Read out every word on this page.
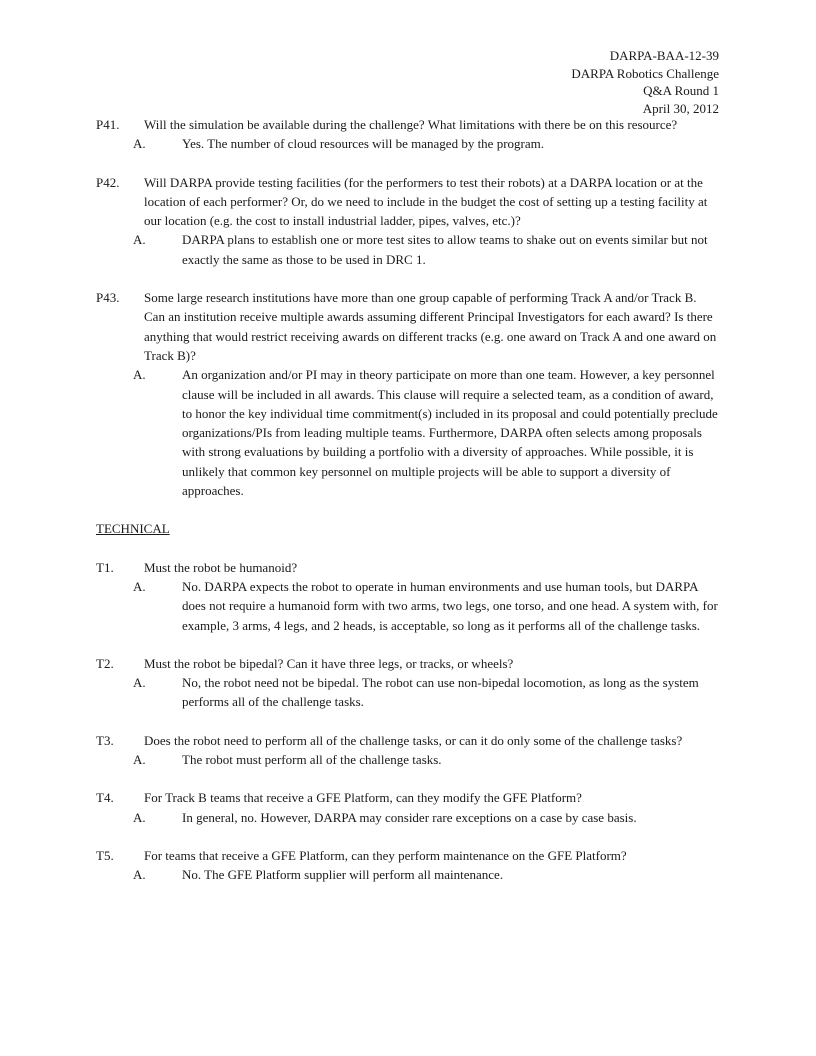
DARPA-BAA-12-39
DARPA Robotics Challenge
Q&A Round 1
April 30, 2012
P41. Will the simulation be available during the challenge? What limitations with there be on this resource?
A.	Yes. The number of cloud resources will be managed by the program.
P42. Will DARPA provide testing facilities (for the performers to test their robots) at a DARPA location or at the location of each performer? Or, do we need to include in the budget the cost of setting up a testing facility at our location (e.g. the cost to install industrial ladder, pipes, valves, etc.)?
A.	DARPA plans to establish one or more test sites to allow teams to shake out on events similar but not exactly the same as those to be used in DRC 1.
P43. Some large research institutions have more than one group capable of performing Track A and/or Track B. Can an institution receive multiple awards assuming different Principal Investigators for each award? Is there anything that would restrict receiving awards on different tracks (e.g. one award on Track A and one award on Track B)?
A.	An organization and/or PI may in theory participate on more than one team. However, a key personnel clause will be included in all awards. This clause will require a selected team, as a condition of award, to honor the key individual time commitment(s) included in its proposal and could potentially preclude organizations/PIs from leading multiple teams. Furthermore, DARPA often selects among proposals with strong evaluations by building a portfolio with a diversity of approaches. While possible, it is unlikely that common key personnel on multiple projects will be able to support a diversity of approaches.
TECHNICAL
T1. Must the robot be humanoid?
A.	No. DARPA expects the robot to operate in human environments and use human tools, but DARPA does not require a humanoid form with two arms, two legs, one torso, and one head. A system with, for example, 3 arms, 4 legs, and 2 heads, is acceptable, so long as it performs all of the challenge tasks.
T2. Must the robot be bipedal? Can it have three legs, or tracks, or wheels?
A.	No, the robot need not be bipedal. The robot can use non-bipedal locomotion, as long as the system performs all of the challenge tasks.
T3. Does the robot need to perform all of the challenge tasks, or can it do only some of the challenge tasks?
A.	The robot must perform all of the challenge tasks.
T4. For Track B teams that receive a GFE Platform, can they modify the GFE Platform?
A.	In general, no. However, DARPA may consider rare exceptions on a case by case basis.
T5. For teams that receive a GFE Platform, can they perform maintenance on the GFE Platform?
A.	No. The GFE Platform supplier will perform all maintenance.
